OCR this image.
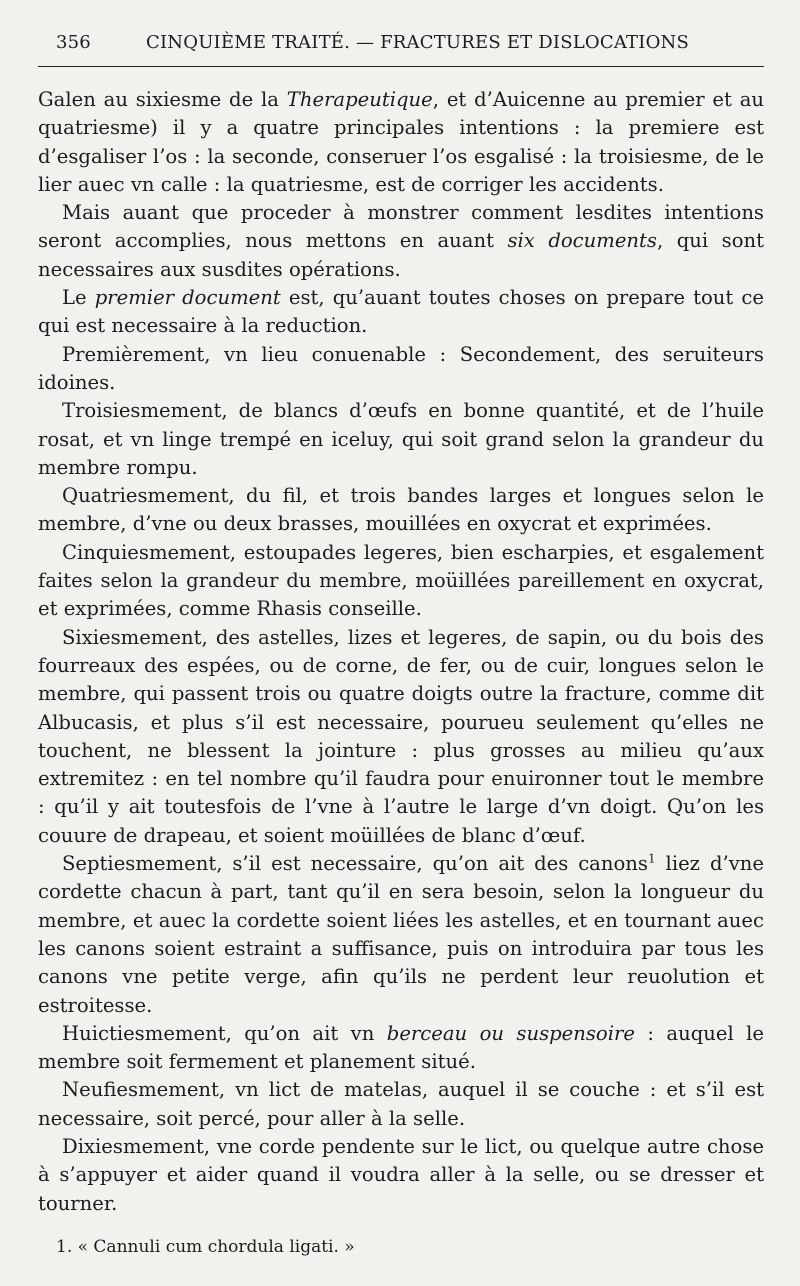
356	CINQUIÈME TRAITÉ. — FRACTURES ET DISLOCATIONS

Galen au sixiesme de la Therapeutique, et d’Auicenne au premier et au quatriesme) il y a quatre principales intentions : la premiere est d’esgaliser l’os : la seconde, conseruer l’os esgalisé : la troisiesme, de le lier auec vn calle : la quatriesme, est de corriger les accidents.

Mais auant que proceder à monstrer comment lesdites intentions seront accomplies, nous mettons en auant six documents, qui sont necessaires aux susdites opérations.

Le premier document est, qu’auant toutes choses on prepare tout ce qui est necessaire à la reduction.

Premièrement, vn lieu conuenable : Secondement, des seruiteurs idoines.

Troisiesmement, de blancs d’œufs en bonne quantité, et de l’huile rosat, et vn linge trempé en iceluy, qui soit grand selon la grandeur du membre rompu.

Quatriesmement, du fil, et trois bandes larges et longues selon le membre, d’vne ou deux brasses, mouillées en oxycrat et exprimées.

Cinquiesmement, estoupades legeres, bien escharpies, et esgalement faites selon la grandeur du membre, moüillées pareillement en oxycrat, et exprimées, comme Rhasis conseille.

Sixiesmement, des astelles, lizes et legeres, de sapin, ou du bois des fourreaux des espées, ou de corne, de fer, ou de cuir, longues selon le membre, qui passent trois ou quatre doigts outre la fracture, comme dit Albucasis, et plus s’il est necessaire, pourueu seulement qu’elles ne touchent, ne blessent la jointure : plus grosses au milieu qu’aux extremitez : en tel nombre qu’il faudra pour enuironner tout le membre : qu’il y ait toutesfois de l’vne à l’autre le large d’vn doigt. Qu’on les couure de drapeau, et soient moüillées de blanc d’œuf.

Septiesmement, s’il est necessaire, qu’on ait des canons$^1$ liez d’vne cordette chacun à part, tant qu’il en sera besoin, selon la longueur du membre, et auec la cordette soient liées les astelles, et en tournant auec les canons soient estraint a suffisance, puis on introduira par tous les canons vne petite verge, afin qu’ils ne perdent leur reuolution et estroitesse.

Huictiesmement, qu’on ait vn berceau ou suspensoire : auquel le membre soit fermement et planement situé.

Neufiesmement, vn lict de matelas, auquel il se couche : et s’il est necessaire, soit percé, pour aller à la selle.

Dixiesmement, vne corde pendente sur le lict, ou quelque autre chose à s’appuyer et aider quand il voudra aller à la selle, ou se dresser et tourner.

1. « Cannuli cum chordula ligati. »
